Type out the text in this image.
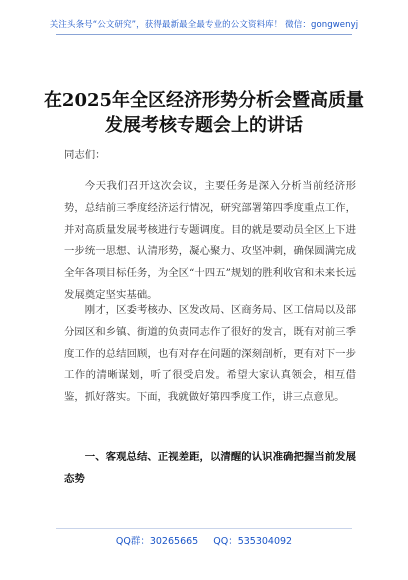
关注头条号“公文研究”，获得最新最全最专业的公文资料库！ 微信：gongwenyj
在2025年全区经济形势分析会暨高质量发展考核专题会上的讲话
同志们：
今天我们召开这次会议，主要任务是深入分析当前经济形势，总结前三季度经济运行情况，研究部署第四季度重点工作，并对高质量发展考核进行专题调度。目的就是要动员全区上下进一步统一思想、认清形势，凝心聚力、攻坚冲刺，确保圆满完成全年各项目标任务，为全区“十四五”规划的胜利收官和未来长远发展奠定坚实基础。
刚才，区委考核办、区发改局、区商务局、区工信局以及部分园区和乡镇、街道的负责同志作了很好的发言，既有对前三季度工作的总结回顾，也有对存在问题的深刻剖析，更有对下一步工作的清晰谋划，听了很受启发。希望大家认真领会，相互借鉴，抓好落实。下面，我就做好第四季度工作，讲三点意见。
一、客观总结、正视差距，以清醒的认识准确把握当前发展态势
QQ群：30265665 QQ：535304092
